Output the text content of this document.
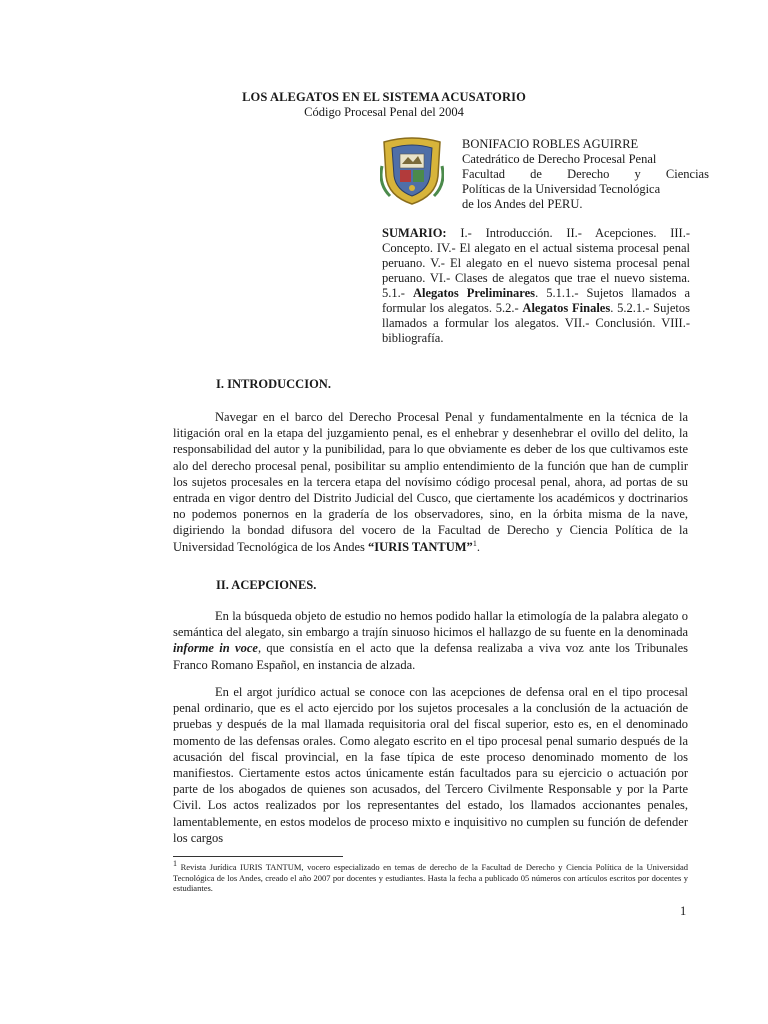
LOS ALEGATOS EN EL SISTEMA ACUSATORIO
Código Procesal Penal del 2004
BONIFACIO ROBLES AGUIRRE
Catedrático de Derecho Procesal Penal
Facultad de Derecho y Ciencias
Políticas de la Universidad Tecnológica
de los Andes del PERU.
SUMARIO: I.- Introducción. II.- Acepciones. III.- Concepto. IV.- El alegato en el actual sistema procesal penal peruano. V.- El alegato en el nuevo sistema procesal penal peruano. VI.- Clases de alegatos que trae el nuevo sistema. 5.1.- Alegatos Preliminares. 5.1.1.- Sujetos llamados a formular los alegatos. 5.2.- Alegatos Finales. 5.2.1.- Sujetos llamados a formular los alegatos. VII.- Conclusión. VIII.- bibliografía.
I. INTRODUCCION.
Navegar en el barco del Derecho Procesal Penal y fundamentalmente en la técnica de la litigación oral en la etapa del juzgamiento penal, es el enhebrar y desenhebrar el ovillo del delito, la responsabilidad del autor y la punibilidad, para lo que obviamente es deber de los que cultivamos este alo del derecho procesal penal, posibilitar su amplio entendimiento de la función que han de cumplir los sujetos procesales en la tercera etapa del novísimo código procesal penal, ahora, ad portas de su entrada en vigor dentro del Distrito Judicial del Cusco, que ciertamente los académicos y doctrinarios no podemos ponernos en la gradería de los observadores, sino, en la órbita misma de la nave, digiriendo la bondad difusora del vocero de la Facultad de Derecho y Ciencia Política de la Universidad Tecnológica de los Andes “IURIS TANTUM”$^1$.
II. ACEPCIONES.
En la búsqueda objeto de estudio no hemos podido hallar la etimología de la palabra alegato o semántica del alegato, sin embargo a trajín sinuoso hicimos el hallazgo de su fuente en la denominada informe in voce, que consistía en el acto que la defensa realizaba a viva voz ante los Tribunales Franco Romano Español, en instancia de alzada.
En el argot jurídico actual se conoce con las acepciones de defensa oral en el tipo procesal penal ordinario, que es el acto ejercido por los sujetos procesales a la conclusión de la actuación de pruebas y después de la mal llamada requisitoria oral del fiscal superior, esto es, en el denominado momento de las defensas orales. Como alegato escrito en el tipo procesal penal sumario después de la acusación del fiscal provincial, en la fase típica de este proceso denominado momento de los manifiestos. Ciertamente estos actos únicamente están facultados para su ejercicio o actuación por parte de los abogados de quienes son acusados, del Tercero Civilmente Responsable y por la Parte Civil. Los actos realizados por los representantes del estado, los llamados accionantes penales, lamentablemente, en estos modelos de proceso mixto e inquisitivo no cumplen su función de defender los cargos
$^1$ Revista Jurídica IURIS TANTUM, vocero especializado en temas de derecho de la Facultad de Derecho y Ciencia Política de la Universidad Tecnológica de los Andes, creado el año 2007 por docentes y estudiantes. Hasta la fecha a publicado 05 números con artículos escritos por docentes y estudiantes.
1
